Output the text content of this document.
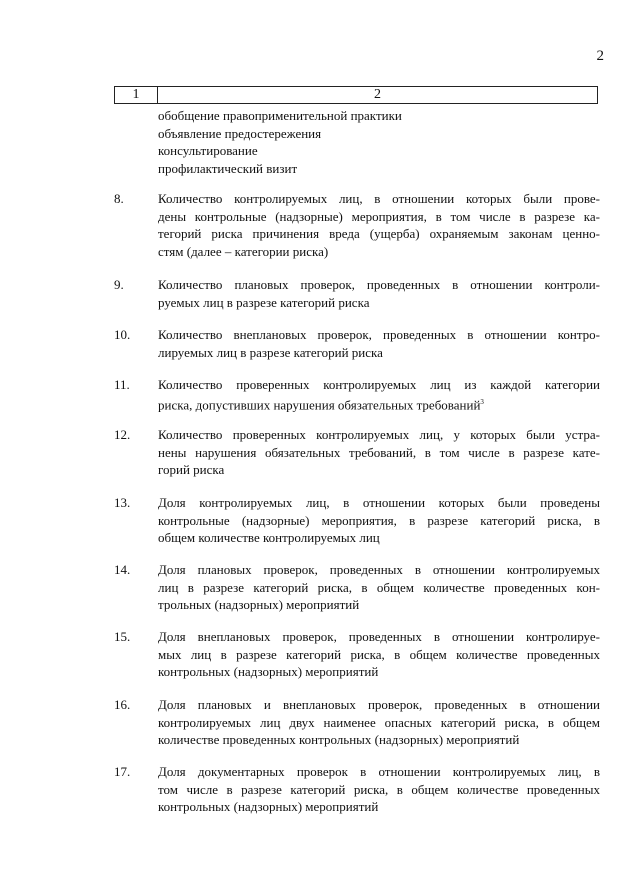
2
1	2
обобщение правоприменительной практики
объявление предостережения
консультирование
профилактический визит
8.	Количество контролируемых лиц, в отношении которых были прове-
дены контрольные (надзорные) мероприятия, в том числе в разрезе ка-
тегорий риска причинения вреда (ущерба) охраняемым законам ценно-
стям (далее – категории риска)
9.	Количество плановых проверок, проведенных в отношении контроли-
руемых лиц в разрезе категорий риска
10.	Количество внеплановых проверок, проведенных в отношении контро-
лируемых лиц в разрезе категорий риска
11.	Количество проверенных контролируемых лиц из каждой категории
риска, допустивших нарушения обязательных требований$^3$
12.	Количество проверенных контролируемых лиц, у которых были устра-
нены нарушения обязательных требований, в том числе в разрезе кате-
горий риска
13.	Доля контролируемых лиц, в отношении которых были проведены
контрольные (надзорные) мероприятия, в разрезе категорий риска, в
общем количестве контролируемых лиц
14.	Доля плановых проверок, проведенных в отношении контролируемых
лиц в разрезе категорий риска, в общем количестве проведенных кон-
трольных (надзорных) мероприятий
15.	Доля внеплановых проверок, проведенных в отношении контролируе-
мых лиц в разрезе категорий риска, в общем количестве проведенных
контрольных (надзорных) мероприятий
16.	Доля плановых и внеплановых проверок, проведенных в отношении
контролируемых лиц двух наименее опасных категорий риска, в общем
количестве проведенных контрольных (надзорных) мероприятий
17.	Доля документарных проверок в отношении контролируемых лиц, в
том числе в разрезе категорий риска, в общем количестве проведенных
контрольных (надзорных) мероприятий
